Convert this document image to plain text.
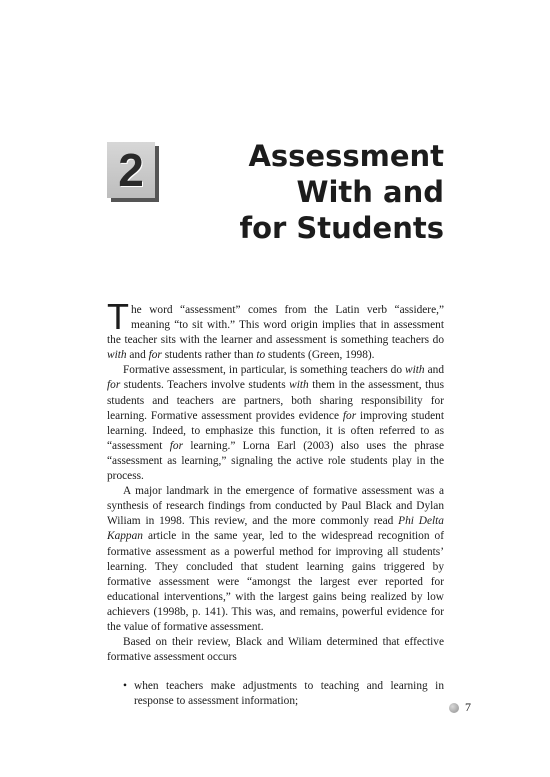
2	Assessment
With and
for Students

The word “assessment” comes from the Latin verb “assidere,” meaning “to sit with.” This word origin implies that in assessment the teacher sits with the learner and assessment is something teachers do with and for students rather than to students (Green, 1998).

Formative assessment, in particular, is something teachers do with and for students. Teachers involve students with them in the assessment, thus students and teachers are partners, both sharing responsibility for learning. Formative assessment provides evidence for improving student learning. Indeed, to emphasize this function, it is often referred to as “assessment for learning.” Lorna Earl (2003) also uses the phrase “assessment as learning,” signaling the active role students play in the process.

A major landmark in the emergence of formative assessment was a synthesis of research findings from conducted by Paul Black and Dylan Wiliam in 1998. This review, and the more commonly read Phi Delta Kappan article in the same year, led to the widespread recognition of formative assessment as a powerful method for improving all students’ learning. They concluded that student learning gains triggered by formative assessment were “amongst the largest ever reported for educational interventions,” with the largest gains being realized by low achievers (1998b, p. 141). This was, and remains, powerful evidence for the value of formative assessment.

Based on their review, Black and Wiliam determined that effective formative assessment occurs

• when teachers make adjustments to teaching and learning in response to assessment information;	7
